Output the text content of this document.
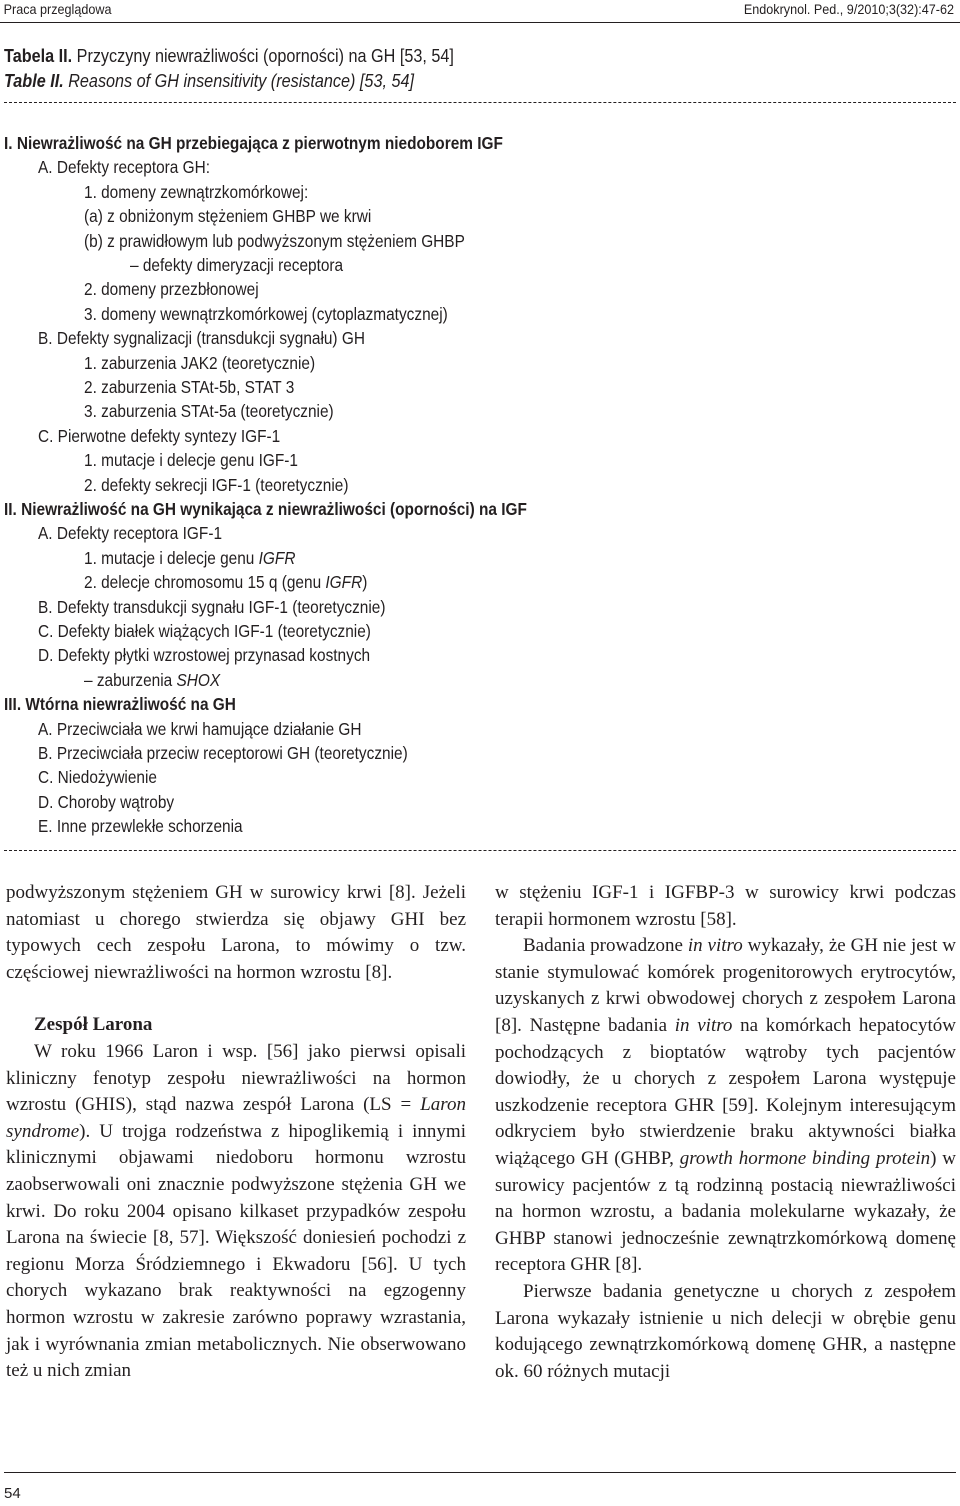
Praca przeglądowa	Endokrynol. Ped., 9/2010;3(32):47-62
Tabela II. Przyczyny niewrażliwości (oporności) na GH [53, 54]
Table II. Reasons of GH insensitivity (resistance) [53, 54]
I. Niewrażliwość na GH przebiegająca z pierwotnym niedoborem IGF
A. Defekty receptora GH:
1. domeny zewnątrzkomórkowej:
(a) z obniżonym stężeniem GHBP we krwi
(b) z prawidłowym lub podwyższonym stężeniem GHBP
– defekty dimeryzacji receptora
2. domeny przezbłonowej
3. domeny wewnątrzkomórkowej (cytoplazmatycznej)
B. Defekty sygnalizacji (transdukcji sygnału) GH
1. zaburzenia JAK2 (teoretycznie)
2. zaburzenia STAt-5b, STAT 3
3. zaburzenia STAt-5a (teoretycznie)
C. Pierwotne defekty syntezy IGF-1
1. mutacje i delecje genu IGF-1
2. defekty sekrecji IGF-1 (teoretycznie)
II. Niewrażliwość na GH wynikająca z niewrażliwości (oporności) na IGF
A. Defekty receptora IGF-1
1. mutacje i delecje genu IGFR
2. delecje chromosomu 15 q (genu IGFR)
B. Defekty transdukcji sygnału IGF-1 (teoretycznie)
C. Defekty białek wiążących IGF-1 (teoretycznie)
D. Defekty płytki wzrostowej przynasad kostnych
– zaburzenia SHOX
III. Wtórna niewrażliwość na GH
A. Przeciwciała we krwi hamujące działanie GH
B. Przeciwciała przeciw receptorowi GH (teoretycznie)
C. Niedożywienie
D. Choroby wątroby
E. Inne przewlekłe schorzenia

podwyższonym stężeniem GH w surowicy krwi [8]. Jeżeli natomiast u chorego stwierdza się objawy GHI bez typowych cech zespołu Larona, to mówimy o tzw. częściowej niewrażliwości na hormon wzrostu [8].

Zespół Larona

W roku 1966 Laron i wsp. [56] jako pierwsi opisali kliniczny fenotyp zespołu niewrażliwości na hormon wzrostu (GHIS), stąd nazwa zespół Larona (LS = Laron syndrome). U trojga rodzeństwa z hipoglikemią i innymi klinicznymi objawami niedoboru hormonu wzrostu zaobserwowali oni znacznie podwyższone stężenia GH we krwi. Do roku 2004 opisano kilkaset przypadków zespołu Larona na świecie [8, 57]. Większość doniesień pochodzi z regionu Morza Śródziemnego i Ekwadoru [56]. U tych chorych wykazano brak reaktywności na egzogenny hormon wzrostu w zakresie zarówno poprawy wzrastania, jak i wyrównania zmian metabolicznych. Nie obserwowano też u nich zmian

w stężeniu IGF-1 i IGFBP-3 w surowicy krwi podczas terapii hormonem wzrostu [58].

Badania prowadzone in vitro wykazały, że GH nie jest w stanie stymulować komórek progenitorowych erytrocytów, uzyskanych z krwi obwodowej chorych z zespołem Larona [8]. Następne badania in vitro na komórkach hepatocytów pochodzących z bioptatów wątroby tych pacjentów dowiodły, że u chorych z zespołem Larona występuje uszkodzenie receptora GHR [59]. Kolejnym interesującym odkryciem było stwierdzenie braku aktywności białka wiążącego GH (GHBP, growth hormone binding protein) w surowicy pacjentów z tą rodzinną postacią niewrażliwości na hormon wzrostu, a badania molekularne wykazały, że GHBP stanowi jednocześnie zewnątrzkomórkową domenę receptora GHR [8].

Pierwsze badania genetyczne u chorych z zespołem Larona wykazały istnienie u nich delecji w obrębie genu kodującego zewnątrzkomórkową domenę GHR, a następne ok. 60 różnych mutacji

54
